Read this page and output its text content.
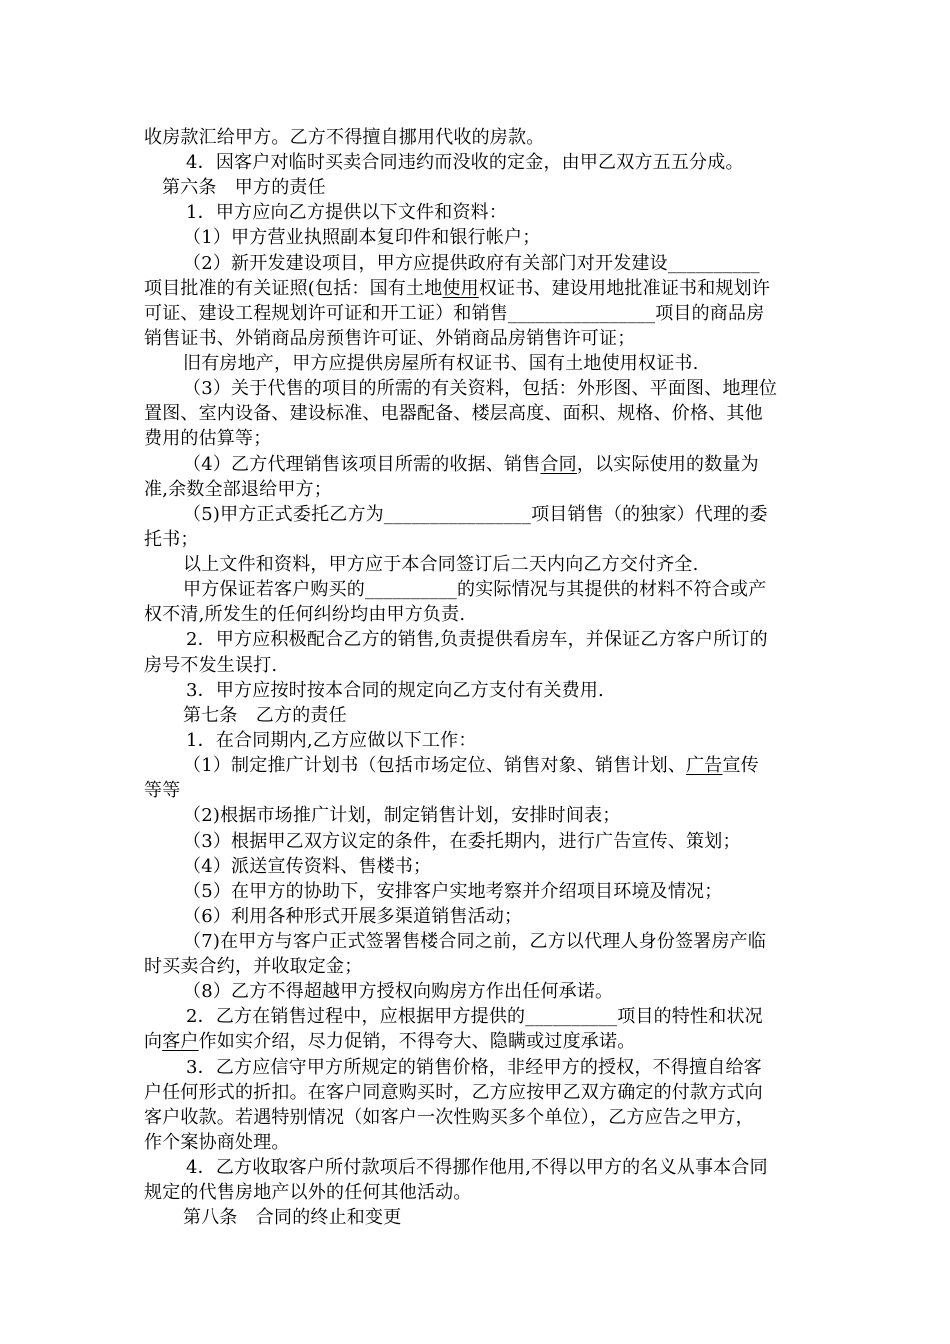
收房款汇给甲方。乙方不得擅自挪用代收的房款。
4．因客户对临时买卖合同违约而没收的定金，由甲乙双方五五分成。
第六条　甲方的责任
1．甲方应向乙方提供以下文件和资料：
（1）甲方营业执照副本复印件和银行帐户；
（2）新开发建设项目，甲方应提供政府有关部门对开发建设__________
项目批准的有关证照(包括：国有土地使用权证书、建设用地批准证书和规划许
可证、建设工程规划许可证和开工证）和销售________________项目的商品房
销售证书、外销商品房预售许可证、外销商品房销售许可证；
旧有房地产，甲方应提供房屋所有权证书、国有土地使用权证书.
（3）关于代售的项目的所需的有关资料，包括：外形图、平面图、地理位
置图、室内设备、建设标准、电器配备、楼层高度、面积、规格、价格、其他
费用的估算等；
（4）乙方代理销售该项目所需的收据、销售合同，以实际使用的数量为
准,余数全部退给甲方；
（5)甲方正式委托乙方为________________项目销售（的独家）代理的委
托书；
以上文件和资料，甲方应于本合同签订后二天内向乙方交付齐全.
甲方保证若客户购买的__________的实际情况与其提供的材料不符合或产
权不清,所发生的任何纠纷均由甲方负责.
2．甲方应积极配合乙方的销售,负责提供看房车，并保证乙方客户所订的
房号不发生误打.
3．甲方应按时按本合同的规定向乙方支付有关费用.
第七条　乙方的责任
1．在合同期内,乙方应做以下工作：
（1）制定推广计划书（包括市场定位、销售对象、销售计划、广告宣传
等等
（2)根据市场推广计划，制定销售计划，安排时间表；
（3）根据甲乙双方议定的条件，在委托期内，进行广告宣传、策划；
（4）派送宣传资料、售楼书；
（5）在甲方的协助下，安排客户实地考察并介绍项目环境及情况；
（6）利用各种形式开展多渠道销售活动；
（7)在甲方与客户正式签署售楼合同之前，乙方以代理人身份签署房产临
时买卖合约，并收取定金；
（8）乙方不得超越甲方授权向购房方作出任何承诺。
2．乙方在销售过程中，应根据甲方提供的__________项目的特性和状况
向客户作如实介绍，尽力促销，不得夸大、隐瞒或过度承诺。
3．乙方应信守甲方所规定的销售价格，非经甲方的授权，不得擅自给客
户任何形式的折扣。在客户同意购买时，乙方应按甲乙双方确定的付款方式向
客户收款。若遇特别情况（如客户一次性购买多个单位），乙方应告之甲方，
作个案协商处理。
4．乙方收取客户所付款项后不得挪作他用,不得以甲方的名义从事本合同
规定的代售房地产以外的任何其他活动。
第八条　合同的终止和变更
